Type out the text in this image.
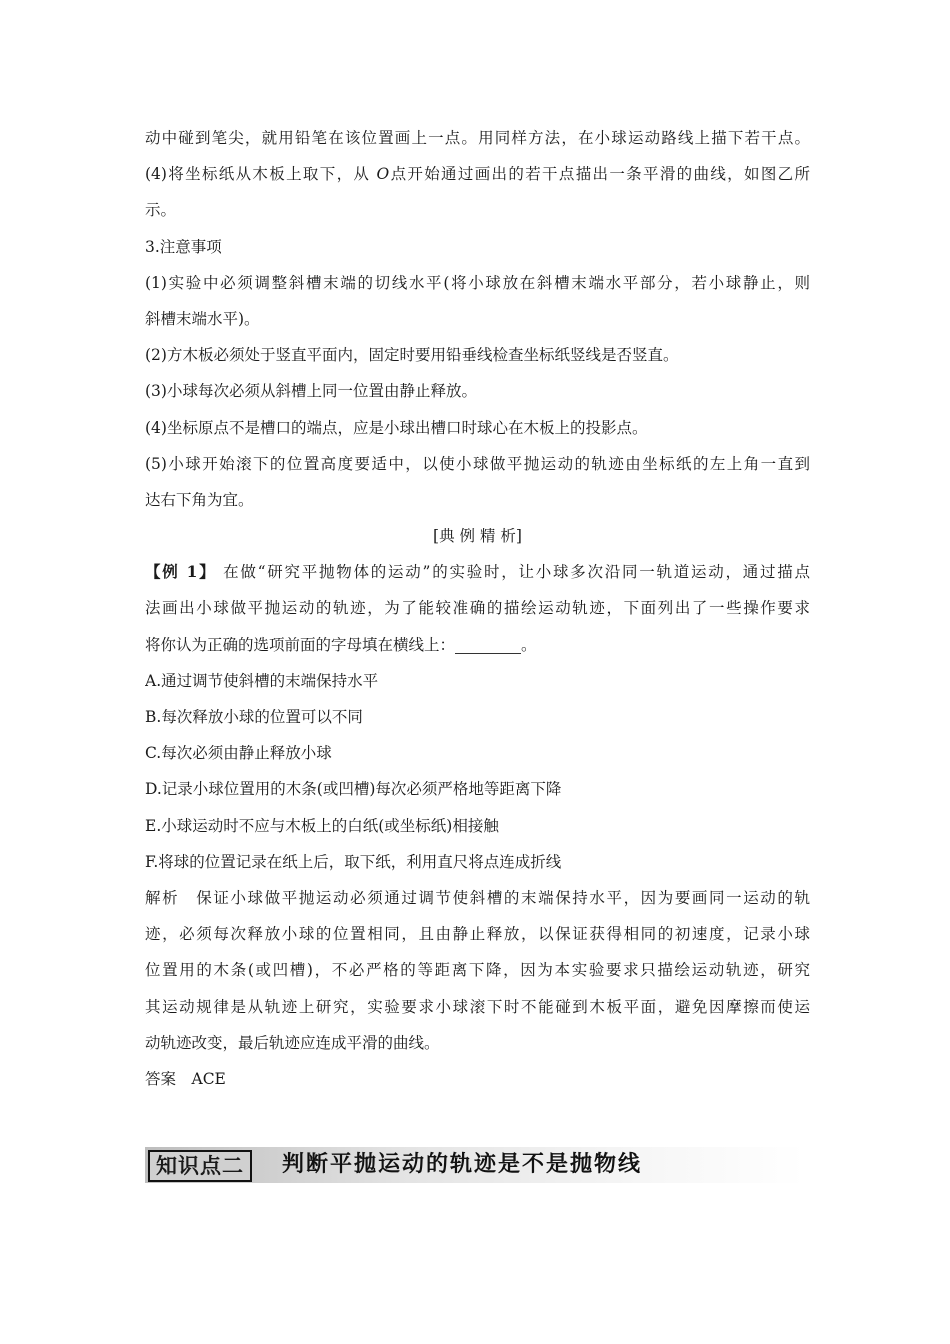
动中碰到笔尖，就用铅笔在该位置画上一点。用同样方法，在小球运动路线上描下若干点。
(4)将坐标纸从木板上取下，从 O点开始通过画出的若干点描出一条平滑的曲线，如图乙所
示。
3.注意事项
(1)实验中必须调整斜槽末端的切线水平(将小球放在斜槽末端水平部分，若小球静止，则
斜槽末端水平)。
(2)方木板必须处于竖直平面内，固定时要用铅垂线检查坐标纸竖线是否竖直。
(3)小球每次必须从斜槽上同一位置由静止释放。
(4)坐标原点不是槽口的端点，应是小球出槽口时球心在木板上的投影点。
(5)小球开始滚下的位置高度要适中，以使小球做平抛运动的轨迹由坐标纸的左上角一直到
达右下角为宜。
[典 例 精 析]
【例 1】 在做“研究平抛物体的运动”的实验时，让小球多次沿同一轨道运动，通过描点
法画出小球做平抛运动的轨迹，为了能较准确的描绘运动轨迹，下面列出了一些操作要求
将你认为正确的选项前面的字母填在横线上：	。
A.通过调节使斜槽的末端保持水平
B.每次释放小球的位置可以不同
C.每次必须由静止释放小球
D.记录小球位置用的木条(或凹槽)每次必须严格地等距离下降
E.小球运动时不应与木板上的白纸(或坐标纸)相接触
F.将球的位置记录在纸上后，取下纸，利用直尺将点连成折线
解析　保证小球做平抛运动必须通过调节使斜槽的末端保持水平，因为要画同一运动的轨
迹，必须每次释放小球的位置相同，且由静止释放，以保证获得相同的初速度，记录小球
位置用的木条(或凹槽)，不必严格的等距离下降，因为本实验要求只描绘运动轨迹，研究
其运动规律是从轨迹上研究，实验要求小球滚下时不能碰到木板平面，避免因摩擦而使运
动轨迹改变，最后轨迹应连成平滑的曲线。
答案　ACE
知识点二	判断平抛运动的轨迹是不是抛物线
